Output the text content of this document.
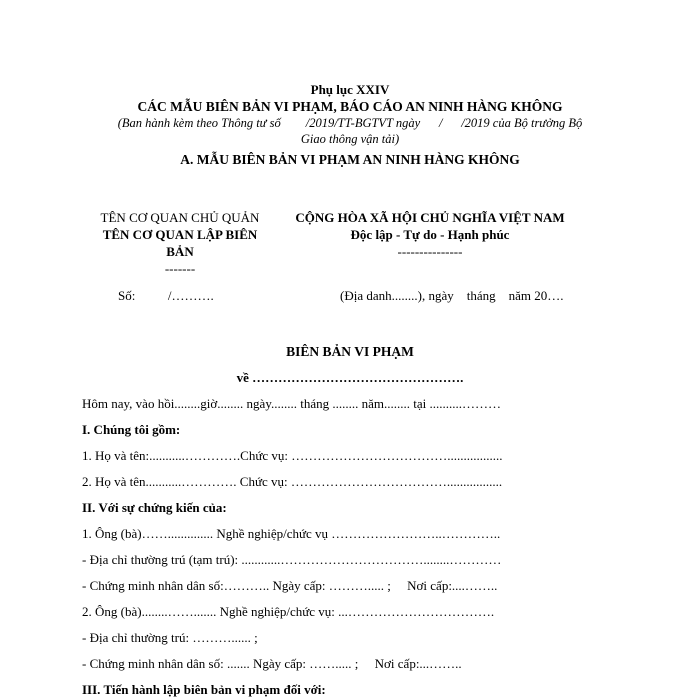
Phụ lục XXIV
CÁC MẪU BIÊN BẢN VI PHẠM, BÁO CÁO AN NINH HÀNG KHÔNG
(Ban hành kèm theo Thông tư số        /2019/TT-BGTVT ngày      /      /2019 của Bộ trưởng Bộ
Giao thông vận tải)
A. MẪU BIÊN BẢN VI PHẠM AN NINH HÀNG KHÔNG
TÊN CƠ QUAN CHỦ QUẢN
TÊN CƠ QUAN LẬP BIÊN
BẢN
-------
CỘNG HÒA XÃ HỘI CHỦ NGHĨA VIỆT NAM
Độc lập - Tự do - Hạnh phúc
---------------
Số:          /……….	(Địa danh........), ngày    tháng    năm 20….
BIÊN BẢN VI PHẠM
về ………………………………………….
Hôm nay, vào hồi........giờ........ ngày........ tháng ........ năm........ tại ..........………
I. Chúng tôi gồm:
1. Họ và tên:...........………….Chức vụ: ……………………………….................
2. Họ và tên...........…………. Chức vụ: ……………………………….................
II. Với sự chứng kiến của:
1. Ông (bà)…….............. Nghề nghiệp/chức vụ ……………………..…………..
- Địa chỉ thường trú (tạm trú): ............……………………………........…………
- Chứng minh nhân dân số:……….. Ngày cấp: ………..... ;     Nơi cấp:....……..
2. Ông (bà)........……....... Nghề nghiệp/chức vụ: ...…………………………….
- Địa chỉ thường trú: ………...... ;
- Chứng minh nhân dân số: ....... Ngày cấp: ……..... ;     Nơi cấp:...……..
III. Tiến hành lập biên bản vi phạm đối với:
